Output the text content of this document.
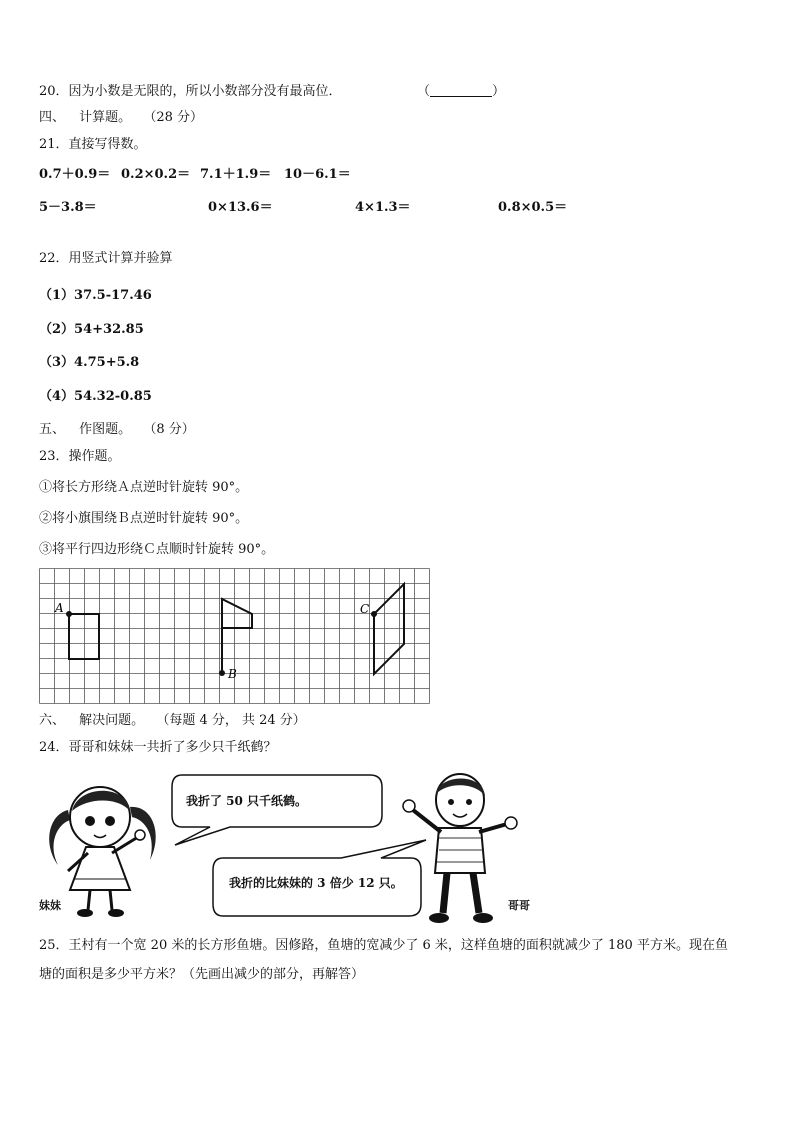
20．因为小数是无限的，所以小数部分没有最高位．	（	）
四、 计算题。 （28 分）
21．直接写得数。
0.7＋0.9＝ 0.2×0.2＝ 7.1＋1.9＝ 10－6.1＝
5－3.8＝	0×13.6＝	4×1.3＝	0.8×0.5＝
22．用竖式计算并验算
（1）37.5-17.46
（2）54+32.85
（3）4.75+5.8
（4）54.32-0.85
五、 作图题。 （8 分）
23．操作题。
①将长方形绕Ａ点逆时针旋转 90°。
②将小旗围绕Ｂ点逆时针旋转 90°。
③将平行四边形绕Ｃ点顺时针旋转 90°。
A
B
C
六、 解决问题。 （每题 4 分， 共 24 分）
24．哥哥和妹妹一共折了多少只千纸鹤？
妹妹
我折了 50 只千纸鹤。
我折的比妹妹的 3 倍少 12 只。
哥哥
25．王村有一个宽 20 米的长方形鱼塘。因修路，鱼塘的宽减少了 6 米，这样鱼塘的面积就减少了 180 平方米。现在鱼
塘的面积是多少平方米？（先画出减少的部分，再解答）
